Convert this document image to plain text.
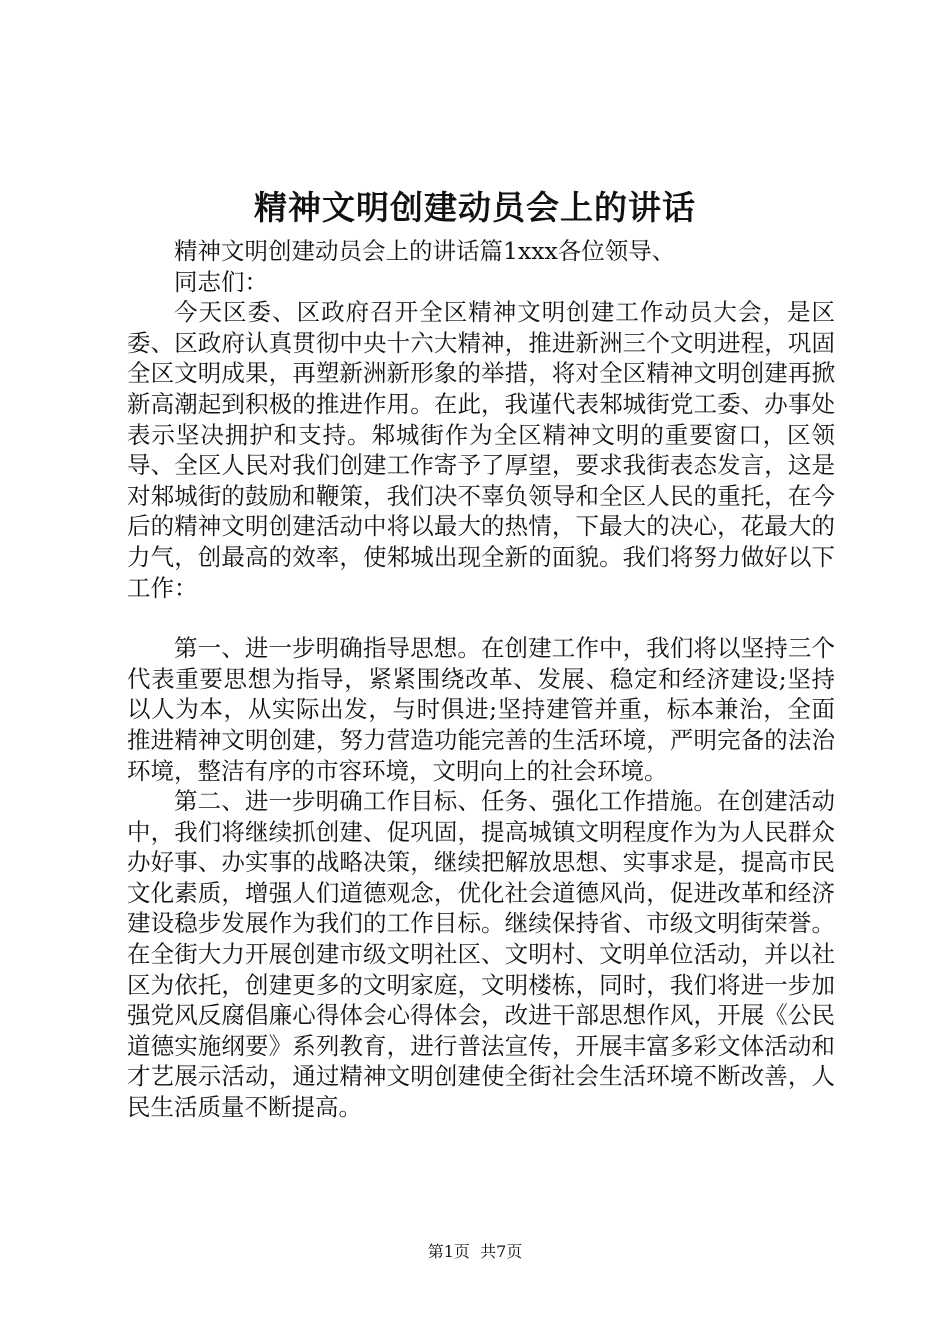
精神文明创建动员会上的讲话

精神文明创建动员会上的讲话篇1xxx各位领导、

同志们：

今天区委、区政府召开全区精神文明创建工作动员大会，是区委、区政府认真贯彻中央十六大精神，推进新洲三个文明进程，巩固全区文明成果，再塑新洲新形象的举措，将对全区精神文明创建再掀新高潮起到积极的推进作用。在此，我谨代表邾城街党工委、办事处表示坚决拥护和支持。邾城街作为全区精神文明的重要窗口，区领导、全区人民对我们创建工作寄予了厚望，要求我街表态发言，这是对邾城街的鼓励和鞭策，我们决不辜负领导和全区人民的重托，在今后的精神文明创建活动中将以最大的热情，下最大的决心，花最大的力气，创最高的效率，使邾城出现全新的面貌。我们将努力做好以下工作：

第一、进一步明确指导思想。在创建工作中，我们将以坚持三个代表重要思想为指导，紧紧围绕改革、发展、稳定和经济建设;坚持以人为本，从实际出发，与时俱进;坚持建管并重，标本兼治，全面推进精神文明创建，努力营造功能完善的生活环境，严明完备的法治环境，整洁有序的市容环境，文明向上的社会环境。

第二、进一步明确工作目标、任务、强化工作措施。在创建活动中，我们将继续抓创建、促巩固，提高城镇文明程度作为为人民群众办好事、办实事的战略决策，继续把解放思想、实事求是，提高市民文化素质，增强人们道德观念，优化社会道德风尚，促进改革和经济建设稳步发展作为我们的工作目标。继续保持省、市级文明街荣誉。在全街大力开展创建市级文明社区、文明村、文明单位活动，并以社区为依托，创建更多的文明家庭，文明楼栋，同时，我们将进一步加强党风反腐倡廉心得体会心得体会，改进干部思想作风，开展《公民道德实施纲要》系列教育，进行普法宣传，开展丰富多彩文体活动和才艺展示活动，通过精神文明创建使全街社会生活环境不断改善，人民生活质量不断提高。

第1页 共7页
